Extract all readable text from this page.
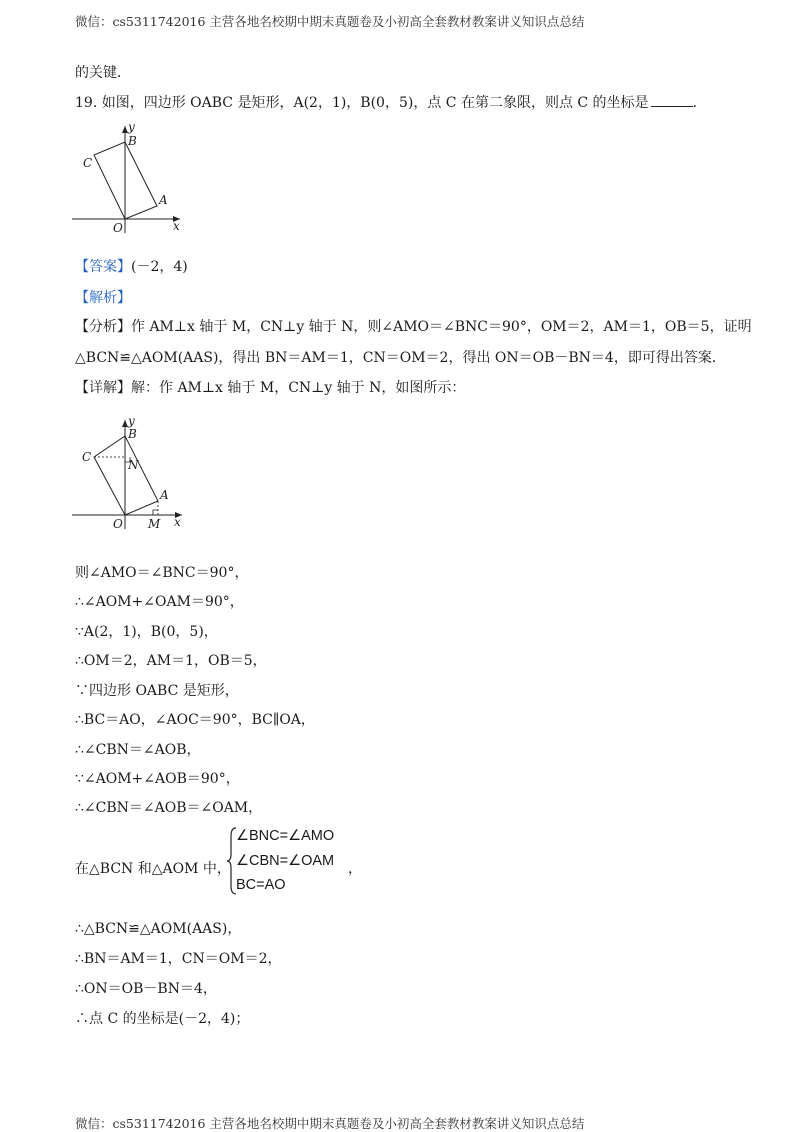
微信：cs5311742016 主营各地名校期中期末真题卷及小初高全套教材教案讲义知识点总结
的关键．
19. 如图，四边形 OABC 是矩形，A(2，1)，B(0，5)，点 C 在第二象限，则点 C 的坐标是	．
y
x
O
A
B
C
【答案】(－2，4)
【解析】
【分析】作 AM⊥x 轴于 M，CN⊥y 轴于 N，则∠AMO＝∠BNC＝90°，OM＝2，AM＝1，OB＝5，证明
△BCN≌△AOM(AAS)，得出 BN＝AM＝1，CN＝OM＝2，得出 ON＝OB－BN＝4，即可得出答案．
【详解】解：作 AM⊥x 轴于 M，CN⊥y 轴于 N，如图所示：
y
x
O
A
B
C
N
M
则∠AMO＝∠BNC＝90°，
∴∠AOM+∠OAM＝90°，
∵A(2，1)，B(0，5)，
∴OM＝2，AM＝1，OB＝5，
∵四边形 OABC 是矩形，
∴BC＝AO，∠AOC＝90°，BC∥OA，
∴∠CBN＝∠AOB，
∵∠AOM+∠AOB＝90°，
∴∠CBN＝∠AOB＝∠OAM，
在△BCN 和△AOM 中，
∠BNC=∠AMO
∠CBN=∠OAM
BC=AO
，
∴△BCN≌△AOM(AAS)，
∴BN＝AM＝1，CN＝OM＝2，
∴ON＝OB－BN＝4，
∴点 C 的坐标是(－2，4)；
微信：cs5311742016 主营各地名校期中期末真题卷及小初高全套教材教案讲义知识点总结
